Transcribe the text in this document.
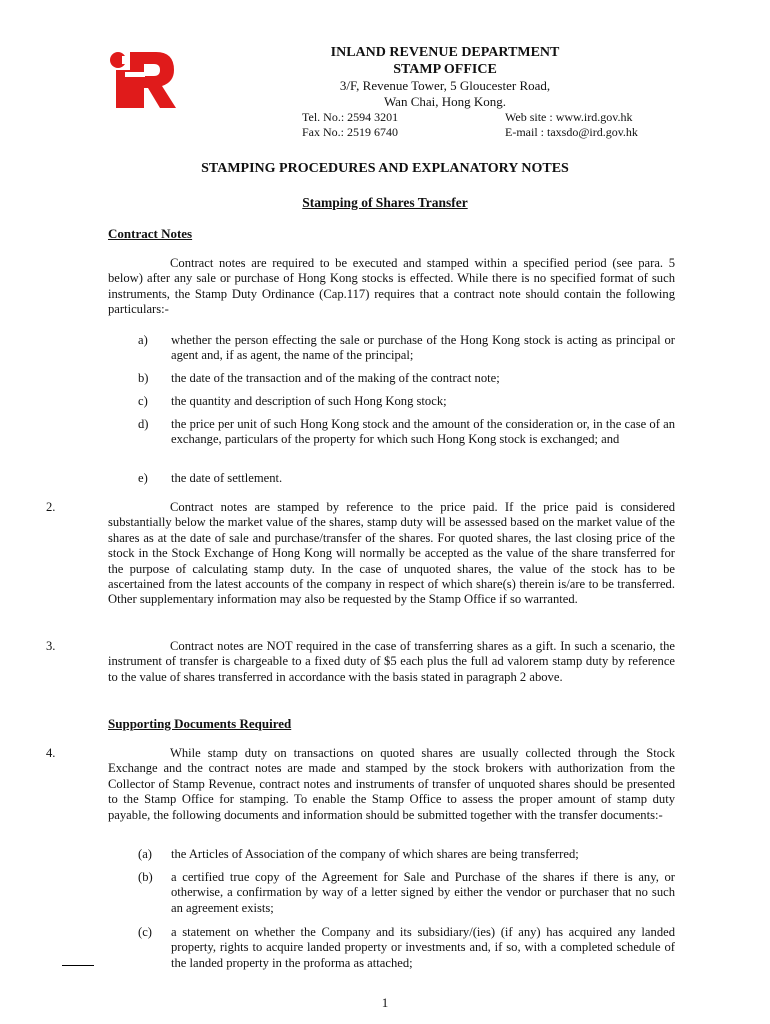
INLAND REVENUE DEPARTMENT
STAMP OFFICE
3/F, Revenue Tower, 5 Gloucester Road,
Wan Chai, Hong Kong.
Tel. No.: 2594 3201
Fax No.: 2519 6740
Web site : www.ird.gov.hk
E-mail : taxsdo@ird.gov.hk
STAMPING PROCEDURES AND EXPLANATORY NOTES
Stamping of Shares Transfer
Contract Notes
Contract notes are required to be executed and stamped within a specified period (see para. 5 below) after any sale or purchase of Hong Kong stocks is effected. While there is no specified format of such instruments, the Stamp Duty Ordinance (Cap.117) requires that a contract note should contain the following particulars:-
a) whether the person effecting the sale or purchase of the Hong Kong stock is acting as principal or agent and, if as agent, the name of the principal;
b) the date of the transaction and of the making of the contract note;
c) the quantity and description of such Hong Kong stock;
d) the price per unit of such Hong Kong stock and the amount of the consideration or, in the case of an exchange, particulars of the property for which such Hong Kong stock is exchanged; and
e) the date of settlement.
2.	Contract notes are stamped by reference to the price paid. If the price paid is considered substantially below the market value of the shares, stamp duty will be assessed based on the market value of the shares as at the date of sale and purchase/transfer of the shares. For quoted shares, the last closing price of the stock in the Stock Exchange of Hong Kong will normally be accepted as the value of the share transferred for the purpose of calculating stamp duty. In the case of unquoted shares, the value of the stock has to be ascertained from the latest accounts of the company in respect of which share(s) therein is/are to be transferred. Other supplementary information may also be requested by the Stamp Office if so warranted.
3.	Contract notes are NOT required in the case of transferring shares as a gift. In such a scenario, the instrument of transfer is chargeable to a fixed duty of $5 each plus the full ad valorem stamp duty by reference to the value of shares transferred in accordance with the basis stated in paragraph 2 above.
Supporting Documents Required
4.	While stamp duty on transactions on quoted shares are usually collected through the Stock Exchange and the contract notes are made and stamped by the stock brokers with authorization from the Collector of Stamp Revenue, contract notes and instruments of transfer of unquoted shares should be presented to the Stamp Office for stamping. To enable the Stamp Office to assess the proper amount of stamp duty payable, the following documents and information should be submitted together with the transfer documents:-
(a) the Articles of Association of the company of which shares are being transferred;
(b) a certified true copy of the Agreement for Sale and Purchase of the shares if there is any, or otherwise, a confirmation by way of a letter signed by either the vendor or purchaser that no such an agreement exists;
(c) a statement on whether the Company and its subsidiary/(ies) (if any) has acquired any landed property, rights to acquire landed property or investments and, if so, with a completed schedule of the landed property in the proforma as attached;
1
